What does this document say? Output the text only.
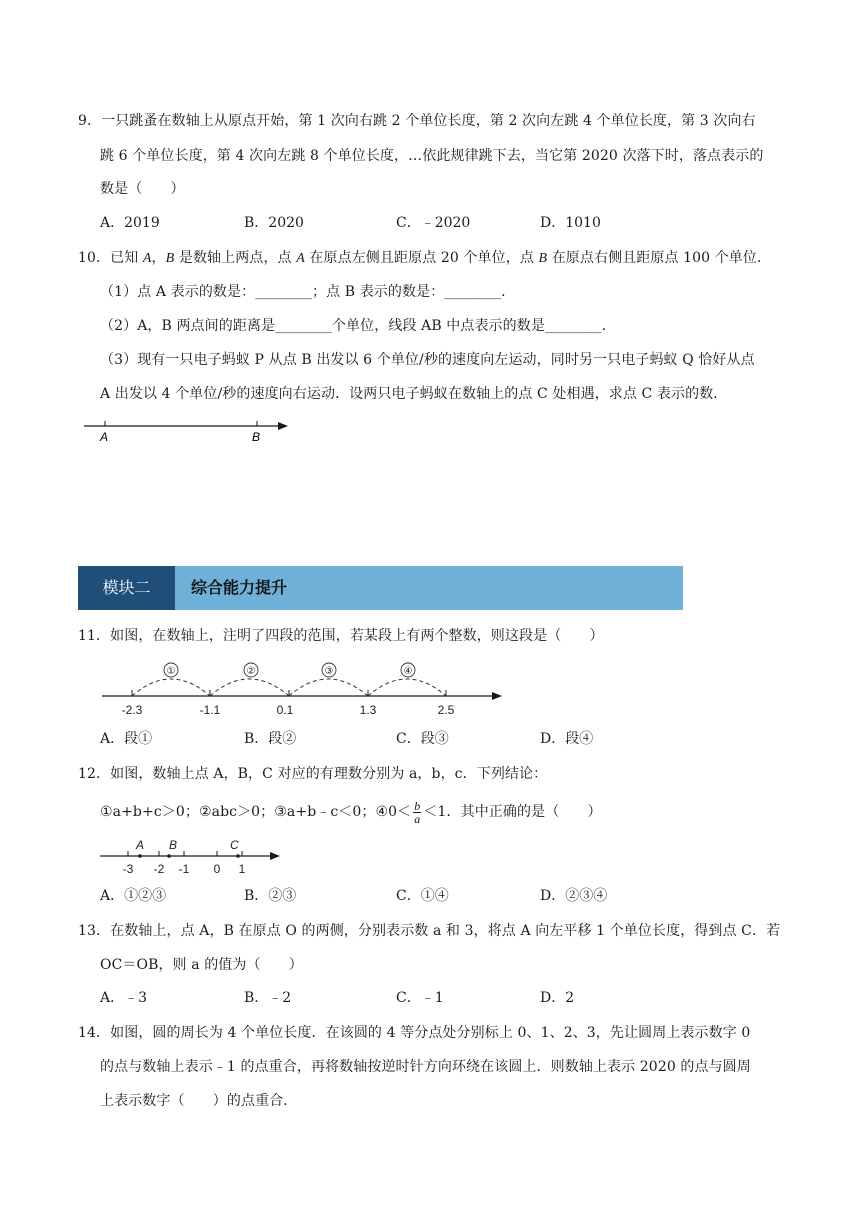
9．一只跳蚤在数轴上从原点开始，第 1 次向右跳 2 个单位长度，第 2 次向左跳 4 个单位长度，第 3 次向右
跳 6 个单位长度，第 4 次向左跳 8 个单位长度，…依此规律跳下去，当它第 2020 次落下时，落点表示的
数是（　　）
A．2019	B．2020	C．﹣2020	D．1010
10．已知 A，B 是数轴上两点，点 A 在原点左侧且距原点 20 个单位，点 B 在原点右侧且距原点 100 个单位．
（1）点 A 表示的数是：________；点 B 表示的数是：________．
（2）A，B 两点间的距离是________个单位，线段 AB 中点表示的数是________．
（3）现有一只电子蚂蚁 P 从点 B 出发以 6 个单位/秒的速度向左运动，同时另一只电子蚂蚁 Q 恰好从点
A 出发以 4 个单位/秒的速度向右运动．设两只电子蚂蚁在数轴上的点 C 处相遇，求点 C 表示的数．
A	B
模块二	综合能力提升
11．如图，在数轴上，注明了四段的范围，若某段上有两个整数，则这段是（　　）
①	②	③	④
-2.3	-1.1	0.1	1.3	2.5
A．段①	B．段②	C．段③	D．段④
12．如图，数轴上点 A，B，C 对应的有理数分别为 a，b，c．下列结论：
①a+b+c＞0；②abc＞0；③a+b﹣c＜0；④0＜ $\frac{b}{a} <1$．其中正确的是（　　）
A B	C
-3 -2 -1 0 1
A．①②③	B．②③	C．①④	D．②③④
13．在数轴上，点 A，B 在原点 O 的两侧，分别表示数 a 和 3，将点 A 向左平移 1 个单位长度，得到点 C．若
OC＝OB，则 a 的值为（　　）
A．﹣3	B．﹣2	C．﹣1	D．2
14．如图，圆的周长为 4 个单位长度．在该圆的 4 等分点处分别标上 0、1、2、3，先让圆周上表示数字 0
的点与数轴上表示﹣1 的点重合，再将数轴按逆时针方向环绕在该圆上．则数轴上表示 2020 的点与圆周
上表示数字（　　）的点重合．
